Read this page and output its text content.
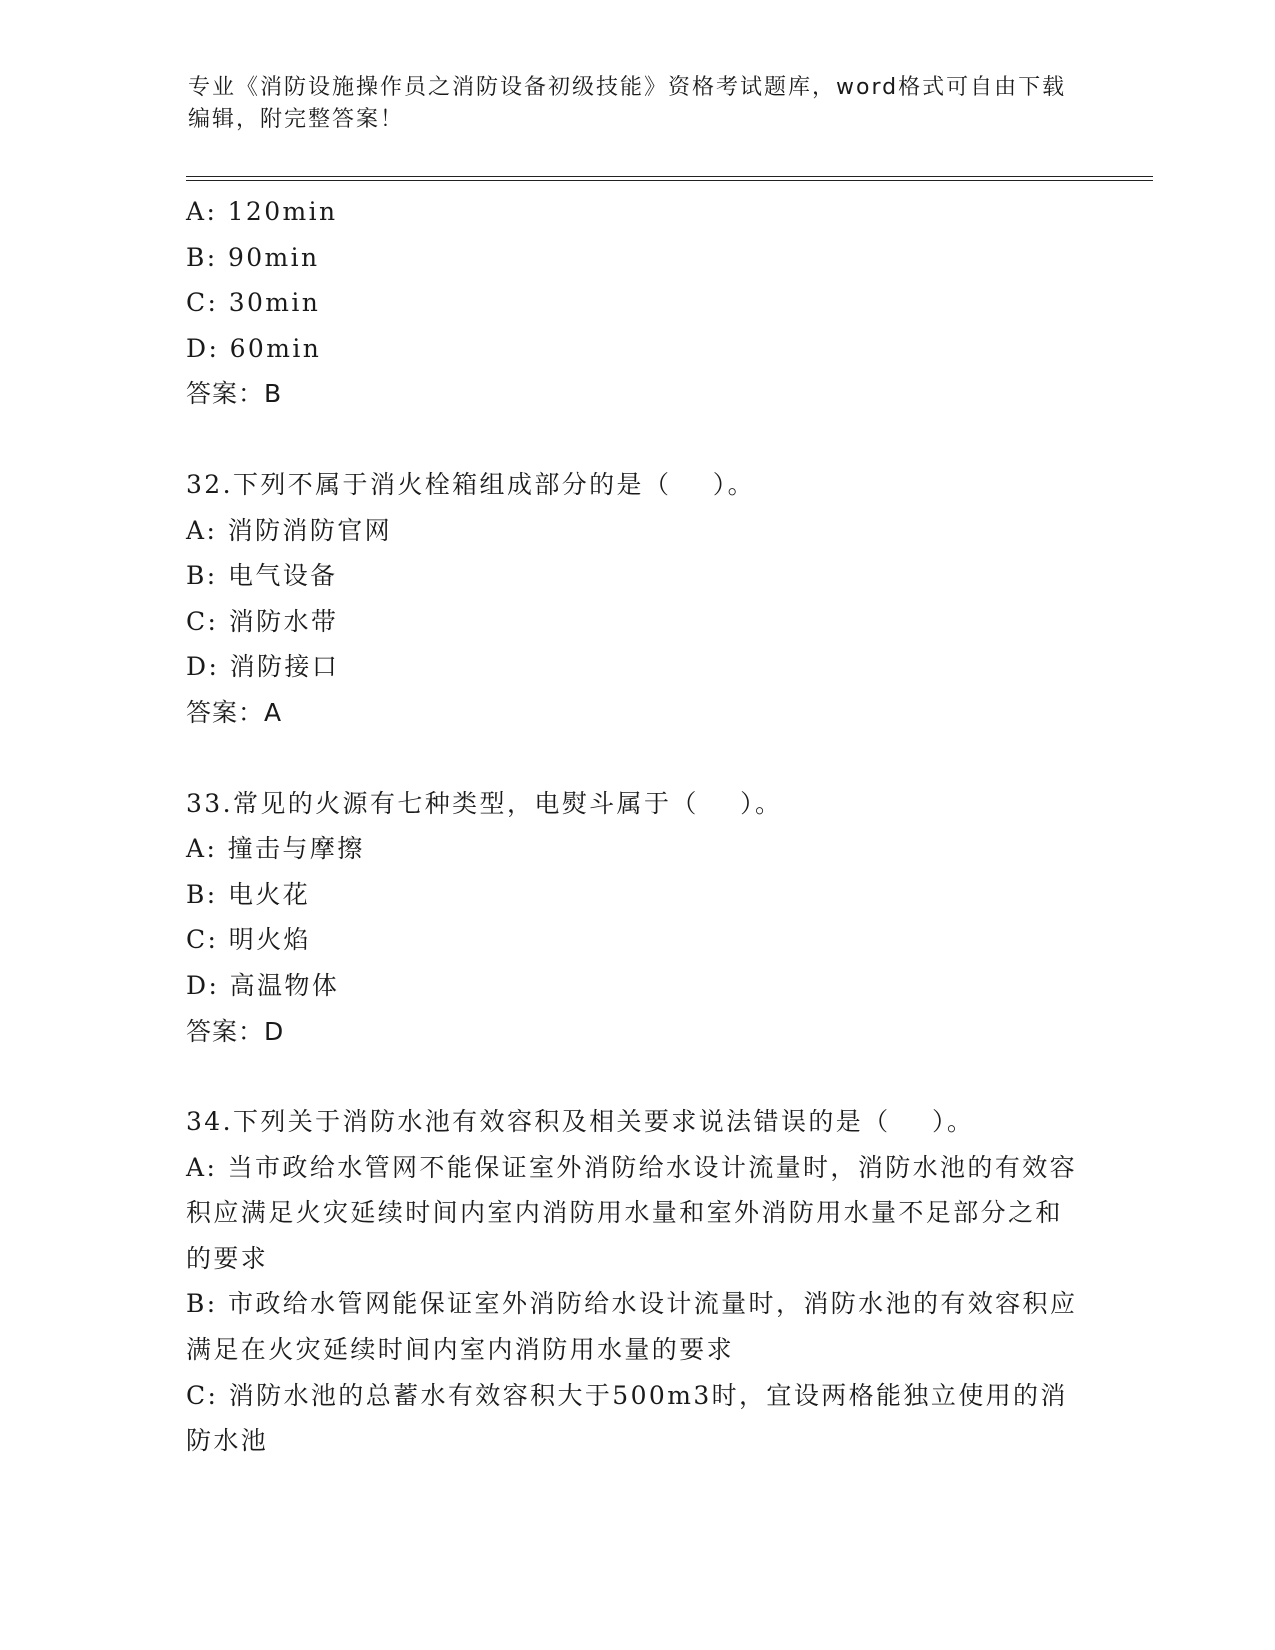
专业《消防设施操作员之消防设备初级技能》资格考试题库，word格式可自由下载编辑，附完整答案！

A: 120min

B: 90min

C: 30min

D: 60min

答案：B

32.下列不属于消火栓箱组成部分的是（    ）。

A: 消防消防官网

B: 电气设备

C: 消防水带

D: 消防接口

答案：A

33.常见的火源有七种类型，电熨斗属于（    ）。

A: 撞击与摩擦

B: 电火花

C: 明火焰

D: 高温物体

答案：D

34.下列关于消防水池有效容积及相关要求说法错误的是（    ）。

A: 当市政给水管网不能保证室外消防给水设计流量时，消防水池的有效容积应满足火灾延续时间内室内消防用水量和室外消防用水量不足部分之和的要求

B: 市政给水管网能保证室外消防给水设计流量时，消防水池的有效容积应满足在火灾延续时间内室内消防用水量的要求

C: 消防水池的总蓄水有效容积大于500m3时，宜设两格能独立使用的消防水池
